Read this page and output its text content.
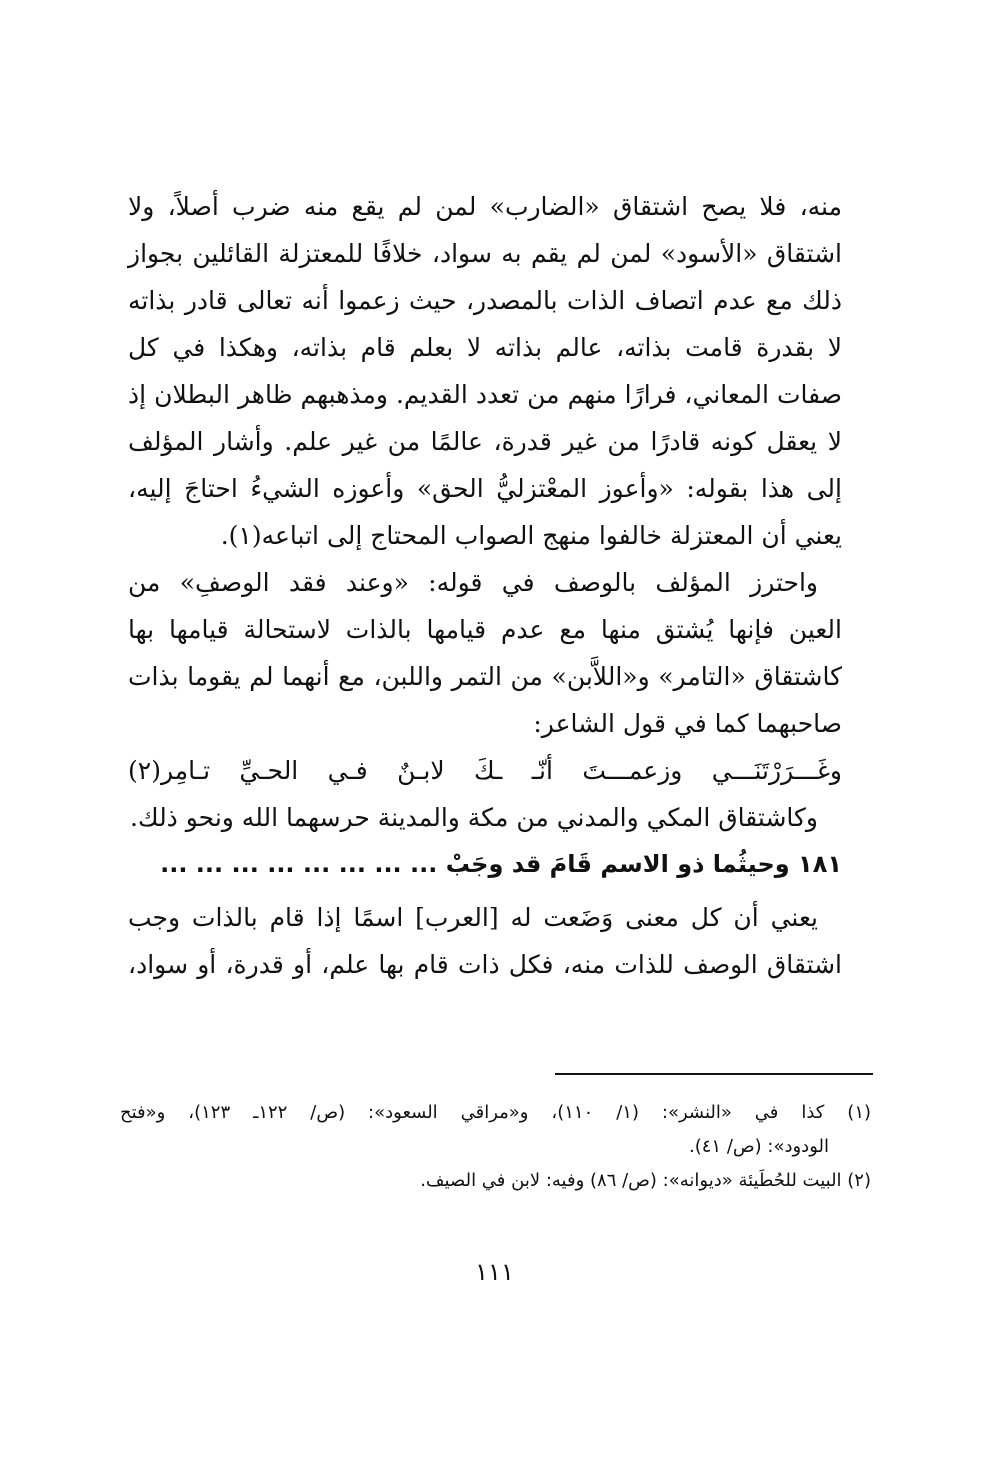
منه، فلا يصح اشتقاق «الضارب» لمن لم يقع منه ضرب أصلاً، ولا
اشتقاق «الأسود» لمن لم يقم به سواد، خلافًا للمعتزلة القائلين بجواز
ذلك مع عدم اتصاف الذات بالمصدر، حيث زعموا أنه تعالى قادر بذاته
لا بقدرة قامت بذاته، عالم بذاته لا بعلم قام بذاته، وهكذا في كل
صفات المعاني، فرارًا منهم من تعدد القديم. ومذهبهم ظاهر البطلان إذ
لا يعقل كونه قادرًا من غير قدرة، عالمًا من غير علم. وأشار المؤلف
إلى هذا بقوله: «وأعوز المعْتزليُّ الحق» وأعوزه الشيءُ احتاجَ إليه،
يعني أن المعتزلة خالفوا منهج الصواب المحتاج إلى اتباعه(١).
واحترز المؤلف بالوصف في قوله: «وعند فقد الوصفِ» من
العين فإنها يُشتق منها مع عدم قيامها بالذات لاستحالة قيامها بها
كاشتقاق «التامر» و«اللاَّبن» من التمر واللبن، مع أنهما لم يقوما بذات
صاحبهما كما في قول الشاعر:
وغَـــرَرْتَنَـــي وزعمـــتَ أنّـ ـكَ لابـنٌ فـي الحـيِّ تـامِر(٢)
وكاشتقاق المكي والمدني من مكة والمدينة حرسهما الله ونحو ذلك.
١٨١ وحيثُما ذو الاسم قَامَ قد وجَبْ ... ... ... ... ... ... ... ...
يعني أن كل معنى وَضَعت له [العرب] اسمًا إذا قام بالذات وجب
اشتقاق الوصف للذات منه، فكل ذات قام بها علم، أو قدرة، أو سواد،
(١) كذا في «النشر»: (١/ ١١٠)، و«مراقي السعود»: (ص/ ١٢٢ـ ١٢٣)، و«فتح
الودود»: (ص/ ٤١).
(٢) البيت للحُطَيئة «ديوانه»: (ص/ ٨٦) وفيه: لابن في الصيف.
١١١
